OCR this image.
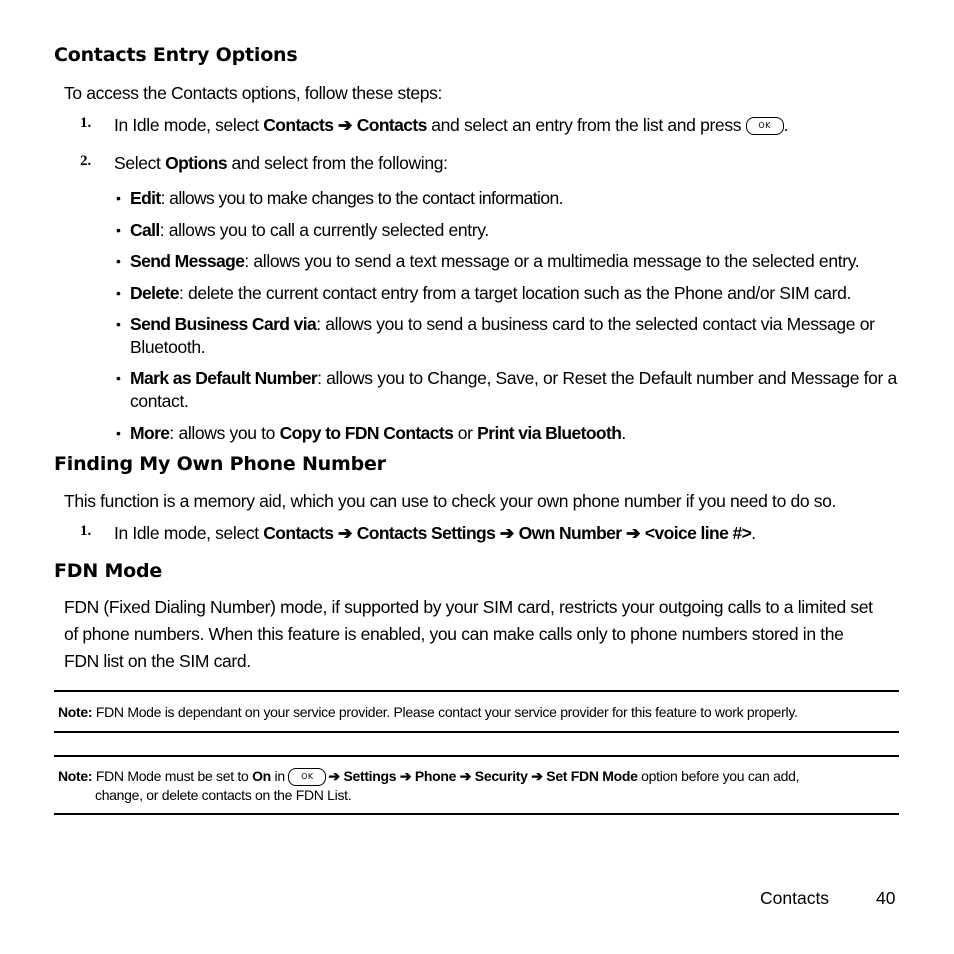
Contacts Entry Options
To access the Contacts options, follow these steps:
1. In Idle mode, select Contacts ➔ Contacts and select an entry from the list and press OK .
2. Select Options and select from the following:
• Edit: allows you to make changes to the contact information.
• Call: allows you to call a currently selected entry.
• Send Message: allows you to send a text message or a multimedia message to the selected entry.
• Delete: delete the current contact entry from a target location such as the Phone and/or SIM card.
• Send Business Card via: allows you to send a business card to the selected contact via Message or
Bluetooth.
• Mark as Default Number: allows you to Change, Save, or Reset the Default number and Message for a
contact.
• More: allows you to Copy to FDN Contacts or Print via Bluetooth.
Finding My Own Phone Number
This function is a memory aid, which you can use to check your own phone number if you need to do so.
1. In Idle mode, select Contacts ➔ Contacts Settings ➔ Own Number ➔ <voice line #>.
FDN Mode
FDN (Fixed Dialing Number) mode, if supported by your SIM card, restricts your outgoing calls to a limited set
of phone numbers. When this feature is enabled, you can make calls only to phone numbers stored in the
FDN list on the SIM card.
Note: FDN Mode is dependant on your service provider. Please contact your service provider for this feature to work properly.
Note: FDN Mode must be set to On in OK ➔ Settings ➔ Phone ➔ Security ➔ Set FDN Mode option before you can add,
change, or delete contacts on the FDN List.
Contacts	40
